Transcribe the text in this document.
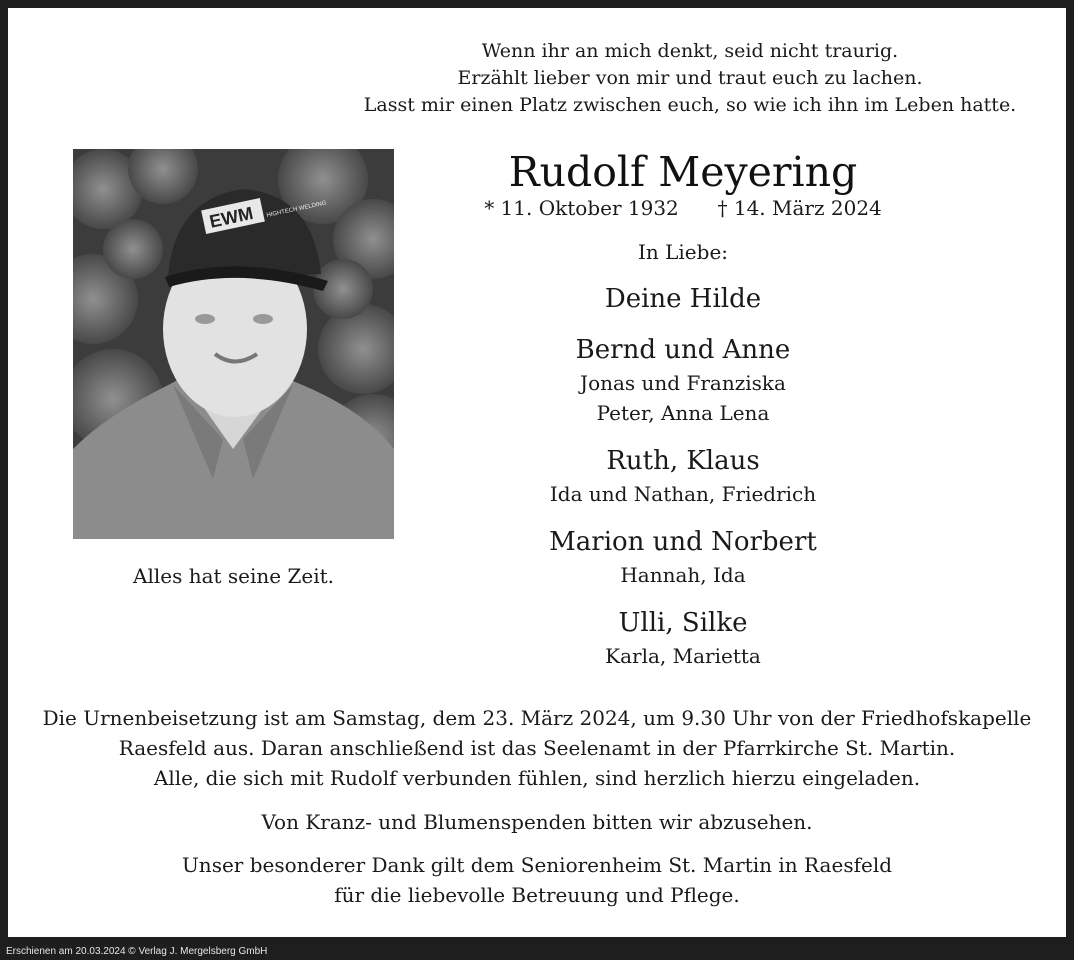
Wenn ihr an mich denkt, seid nicht traurig.
Erzählt lieber von mir und traut euch zu lachen.
Lasst mir einen Platz zwischen euch, so wie ich ihn im Leben hatte.
Rudolf Meyering
* 11. Oktober 1932 † 14. März 2024
In Liebe:
Deine Hilde
Bernd und Anne
Jonas und Franziska
Peter, Anna Lena
Ruth, Klaus
Ida und Nathan, Friedrich
Marion und Norbert
Hannah, Ida
Ulli, Silke
Karla, Marietta
EWM HIGHTECH WELDING
Alles hat seine Zeit.
Die Urnenbeisetzung ist am Samstag, dem 23. März 2024, um 9.30 Uhr von der Friedhofskapelle
Raesfeld aus. Daran anschließend ist das Seelenamt in der Pfarrkirche St. Martin.
Alle, die sich mit Rudolf verbunden fühlen, sind herzlich hierzu eingeladen.
Von Kranz- und Blumenspenden bitten wir abzusehen.
Unser besonderer Dank gilt dem Seniorenheim St. Martin in Raesfeld
für die liebevolle Betreuung und Pflege.
Erschienen am 20.03.2024 © Verlag J. Mergelsberg GmbH
